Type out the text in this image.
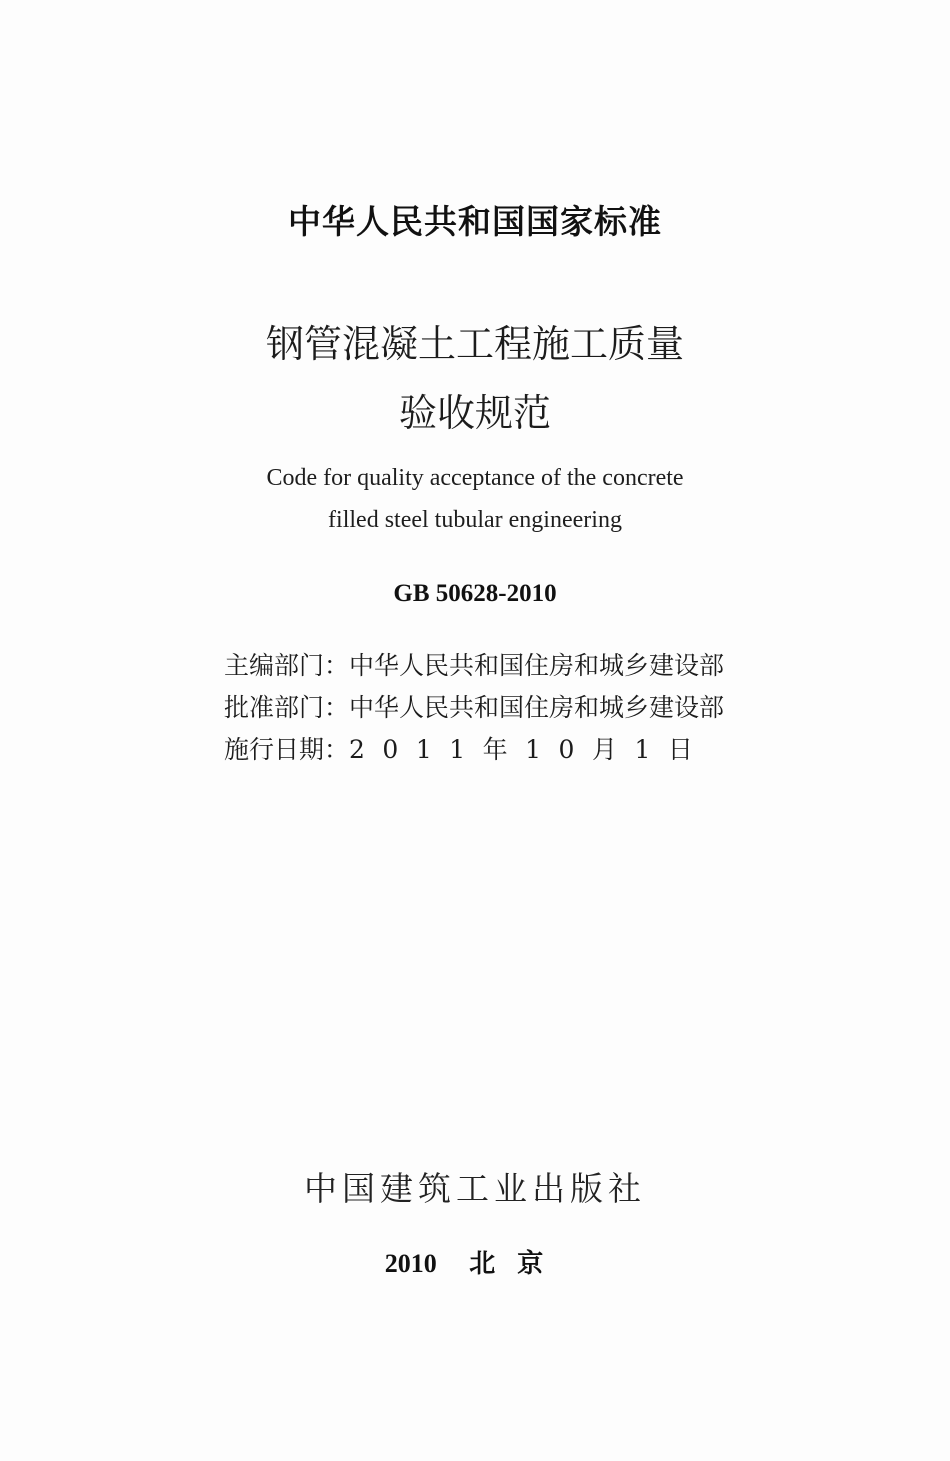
中华人民共和国国家标准
钢管混凝土工程施工质量
验收规范
Code for quality acceptance of the concrete
filled steel tubular engineering
GB 50628-2010
主编部门： 中华人民共和国住房和城乡建设部
批准部门： 中华人民共和国住房和城乡建设部
施行日期： 2011年10月1日
中国建筑工业出版社
2010 北京
